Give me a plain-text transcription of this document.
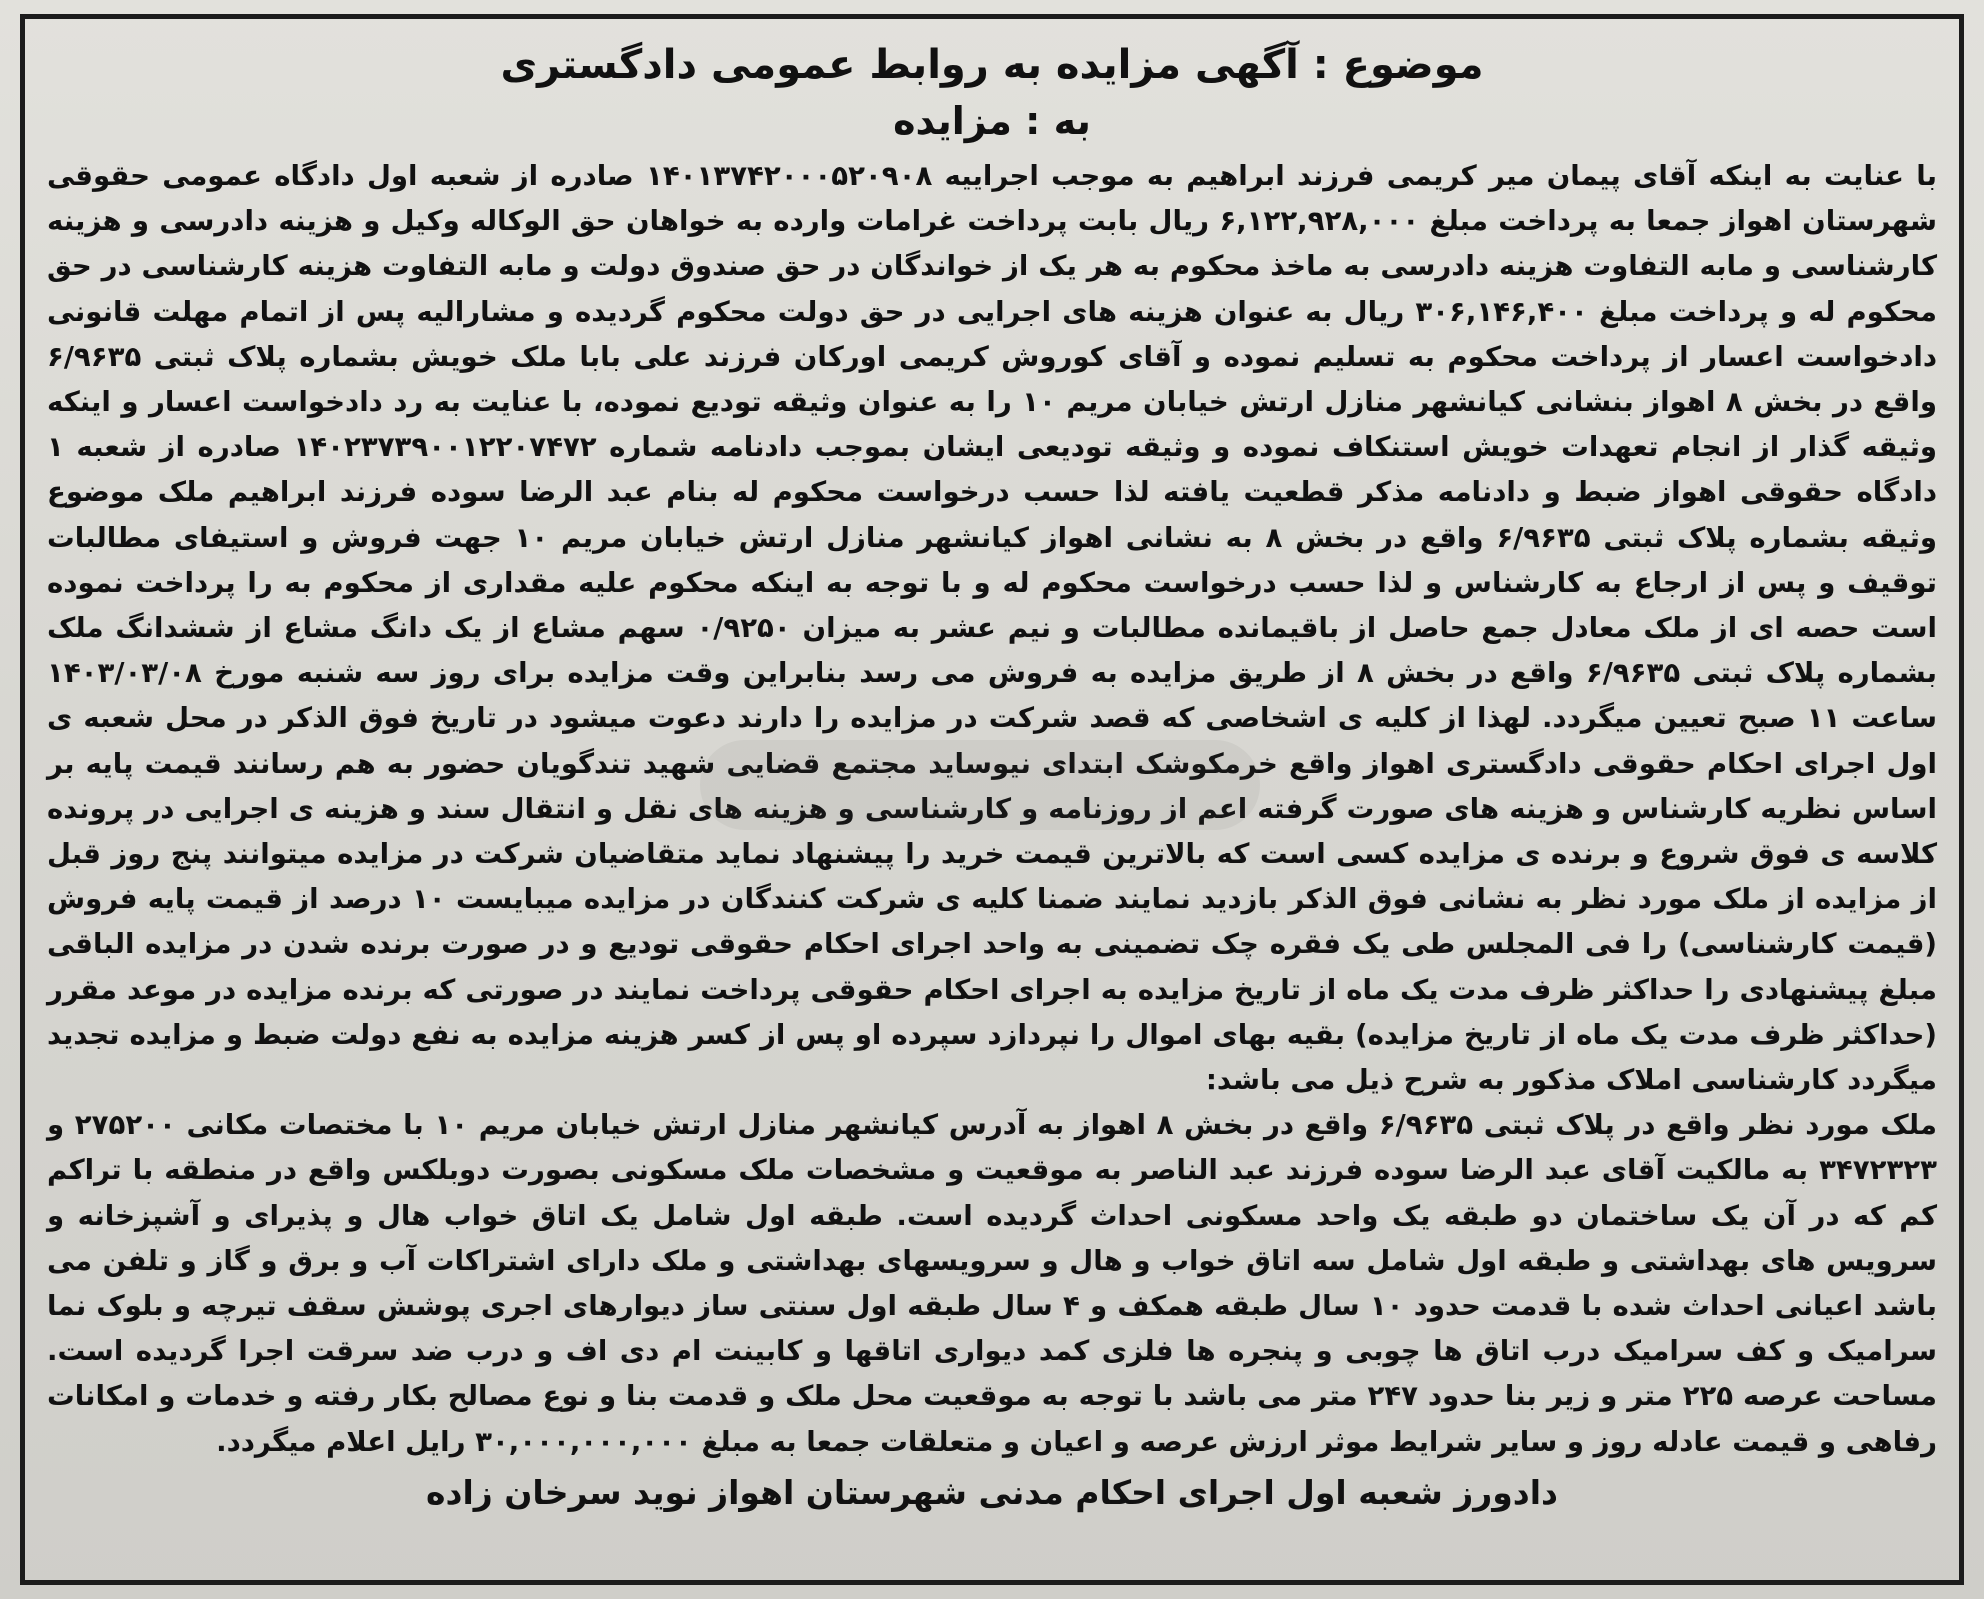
موضوع : آگهی مزایده به روابط عمومی دادگستری
به : مزایده

با عنایت به اینکه آقای پیمان میر کریمی فرزند ابراهیم به موجب اجراییه ۱۴۰۱۳۷۴۲۰۰۰۵۲۰۹۰۸ صادره از شعبه اول دادگاه عمومی حقوقی شهرستان اهواز جمعا به پرداخت مبلغ ۶,۱۲۲,۹۲۸,۰۰۰ ریال بابت پرداخت غرامات وارده به خواهان حق الوکاله وکیل و هزینه دادرسی و هزینه کارشناسی و مابه التفاوت هزینه دادرسی به ماخذ محکوم به هر یک از خواندگان در حق صندوق دولت و مابه التفاوت هزینه کارشناسی در حق محکوم له و پرداخت مبلغ ۳۰۶,۱۴۶,۴۰۰ ریال به عنوان هزینه های اجرایی در حق دولت محکوم گردیده و مشارالیه پس از اتمام مهلت قانونی دادخواست اعسار از پرداخت محکوم به تسلیم نموده و آقای کوروش کریمی اورکان فرزند علی بابا ملک خویش بشماره پلاک ثبتی ۶/۹۶۳۵ واقع در بخش ۸ اهواز بنشانی کیانشهر منازل ارتش خیابان مریم ۱۰ را به عنوان وثیقه تودیع نموده، با عنایت به رد دادخواست اعسار و اینکه وثیقه گذار از انجام تعهدات خویش استنکاف نموده و وثیقه تودیعی ایشان بموجب دادنامه شماره ۱۴۰۲۳۷۳۹۰۰۱۲۲۰۷۴۷۲ صادره از شعبه ۱ دادگاه حقوقی اهواز ضبط و دادنامه مذکر قطعیت یافته لذا حسب درخواست محکوم له بنام عبد الرضا سوده فرزند ابراهیم ملک موضوع وثیقه بشماره پلاک ثبتی ۶/۹۶۳۵ واقع در بخش ۸ به نشانی اهواز کیانشهر منازل ارتش خیابان مریم ۱۰ جهت فروش و استیفای مطالبات توقیف و پس از ارجاع به کارشناس و لذا حسب درخواست محکوم له و با توجه به اینکه محکوم علیه مقداری از محکوم به را پرداخت نموده است حصه ای از ملک معادل جمع حاصل از باقیمانده مطالبات و نیم عشر به میزان ۰/۹۲۵۰ سهم مشاع از یک دانگ مشاع از ششدانگ ملک بشماره پلاک ثبتی ۶/۹۶۳۵ واقع در بخش ۸ از طریق مزایده به فروش می رسد بنابراین وقت مزایده برای روز سه شنبه مورخ ۱۴۰۳/۰۳/۰۸ ساعت ۱۱ صبح تعیین میگردد. لهذا از کلیه ی اشخاصی که قصد شرکت در مزایده را دارند دعوت میشود در تاریخ فوق الذکر در محل شعبه ی اول اجرای احکام حقوقی دادگستری اهواز واقع خرمکوشک ابتدای نیوساید مجتمع قضایی شهید تندگویان حضور به هم رسانند قیمت پایه بر اساس نظریه کارشناس و هزینه های صورت گرفته اعم از روزنامه و کارشناسی و هزینه های نقل و انتقال سند و هزینه ی اجرایی در پرونده کلاسه ی فوق شروع و برنده ی مزایده کسی است که بالاترین قیمت خرید را پیشنهاد نماید متقاضیان شرکت در مزایده میتوانند پنج روز قبل از مزایده از ملک مورد نظر به نشانی فوق الذکر بازدید نمایند ضمنا کلیه ی شرکت کنندگان در مزایده میبایست ۱۰ درصد از قیمت پایه فروش (قیمت کارشناسی) را فی المجلس طی یک فقره چک تضمینی به واحد اجرای احکام حقوقی تودیع و در صورت برنده شدن در مزایده الباقی مبلغ پیشنهادی را حداکثر ظرف مدت یک ماه از تاریخ مزایده به اجرای احکام حقوقی پرداخت نمایند در صورتی که برنده مزایده در موعد مقرر (حداکثر ظرف مدت یک ماه از تاریخ مزایده) بقیه بهای اموال را نپردازد سپرده او پس از کسر هزینه مزایده به نفع دولت ضبط و مزایده تجدید میگردد کارشناسی املاک مذکور به شرح ذیل می باشد:

ملک مورد نظر واقع در پلاک ثبتی ۶/۹۶۳۵ واقع در بخش ۸ اهواز به آدرس کیانشهر منازل ارتش خیابان مریم ۱۰ با مختصات مکانی ۲۷۵۲۰۰ و ۳۴۷۲۳۲۳ به مالکیت آقای عبد الرضا سوده فرزند عبد الناصر به موقعیت و مشخصات ملک مسکونی بصورت دوبلکس واقع در منطقه با تراکم کم که در آن یک ساختمان دو طبقه یک واحد مسکونی احداث گردیده است. طبقه اول شامل یک اتاق خواب هال و پذیرای و آشپزخانه و سرویس های بهداشتی و طبقه اول شامل سه اتاق خواب و هال و سرویسهای بهداشتی و ملک دارای اشتراکات آب و برق و گاز و تلفن می باشد اعیانی احداث شده با قدمت حدود ۱۰ سال طبقه همکف و ۴ سال طبقه اول سنتی ساز دیوارهای اجری پوشش سقف تیرچه و بلوک نما سرامیک و کف سرامیک درب اتاق ها چوبی و پنجره ها فلزی کمد دیواری اتاقها و کابینت ام دی اف و درب ضد سرقت اجرا گردیده است. مساحت عرصه ۲۲۵ متر و زیر بنا حدود ۲۴۷ متر می باشد با توجه به موقعیت محل ملک و قدمت بنا و نوع مصالح بکار رفته و خدمات و امکانات رفاهی و قیمت عادله روز و سایر شرایط موثر ارزش عرصه و اعیان و متعلقات جمعا به مبلغ ۳۰,۰۰۰,۰۰۰,۰۰۰ رایل اعلام میگردد.

دادورز شعبه اول اجرای احکام مدنی شهرستان اهواز نوید سرخان زاده
